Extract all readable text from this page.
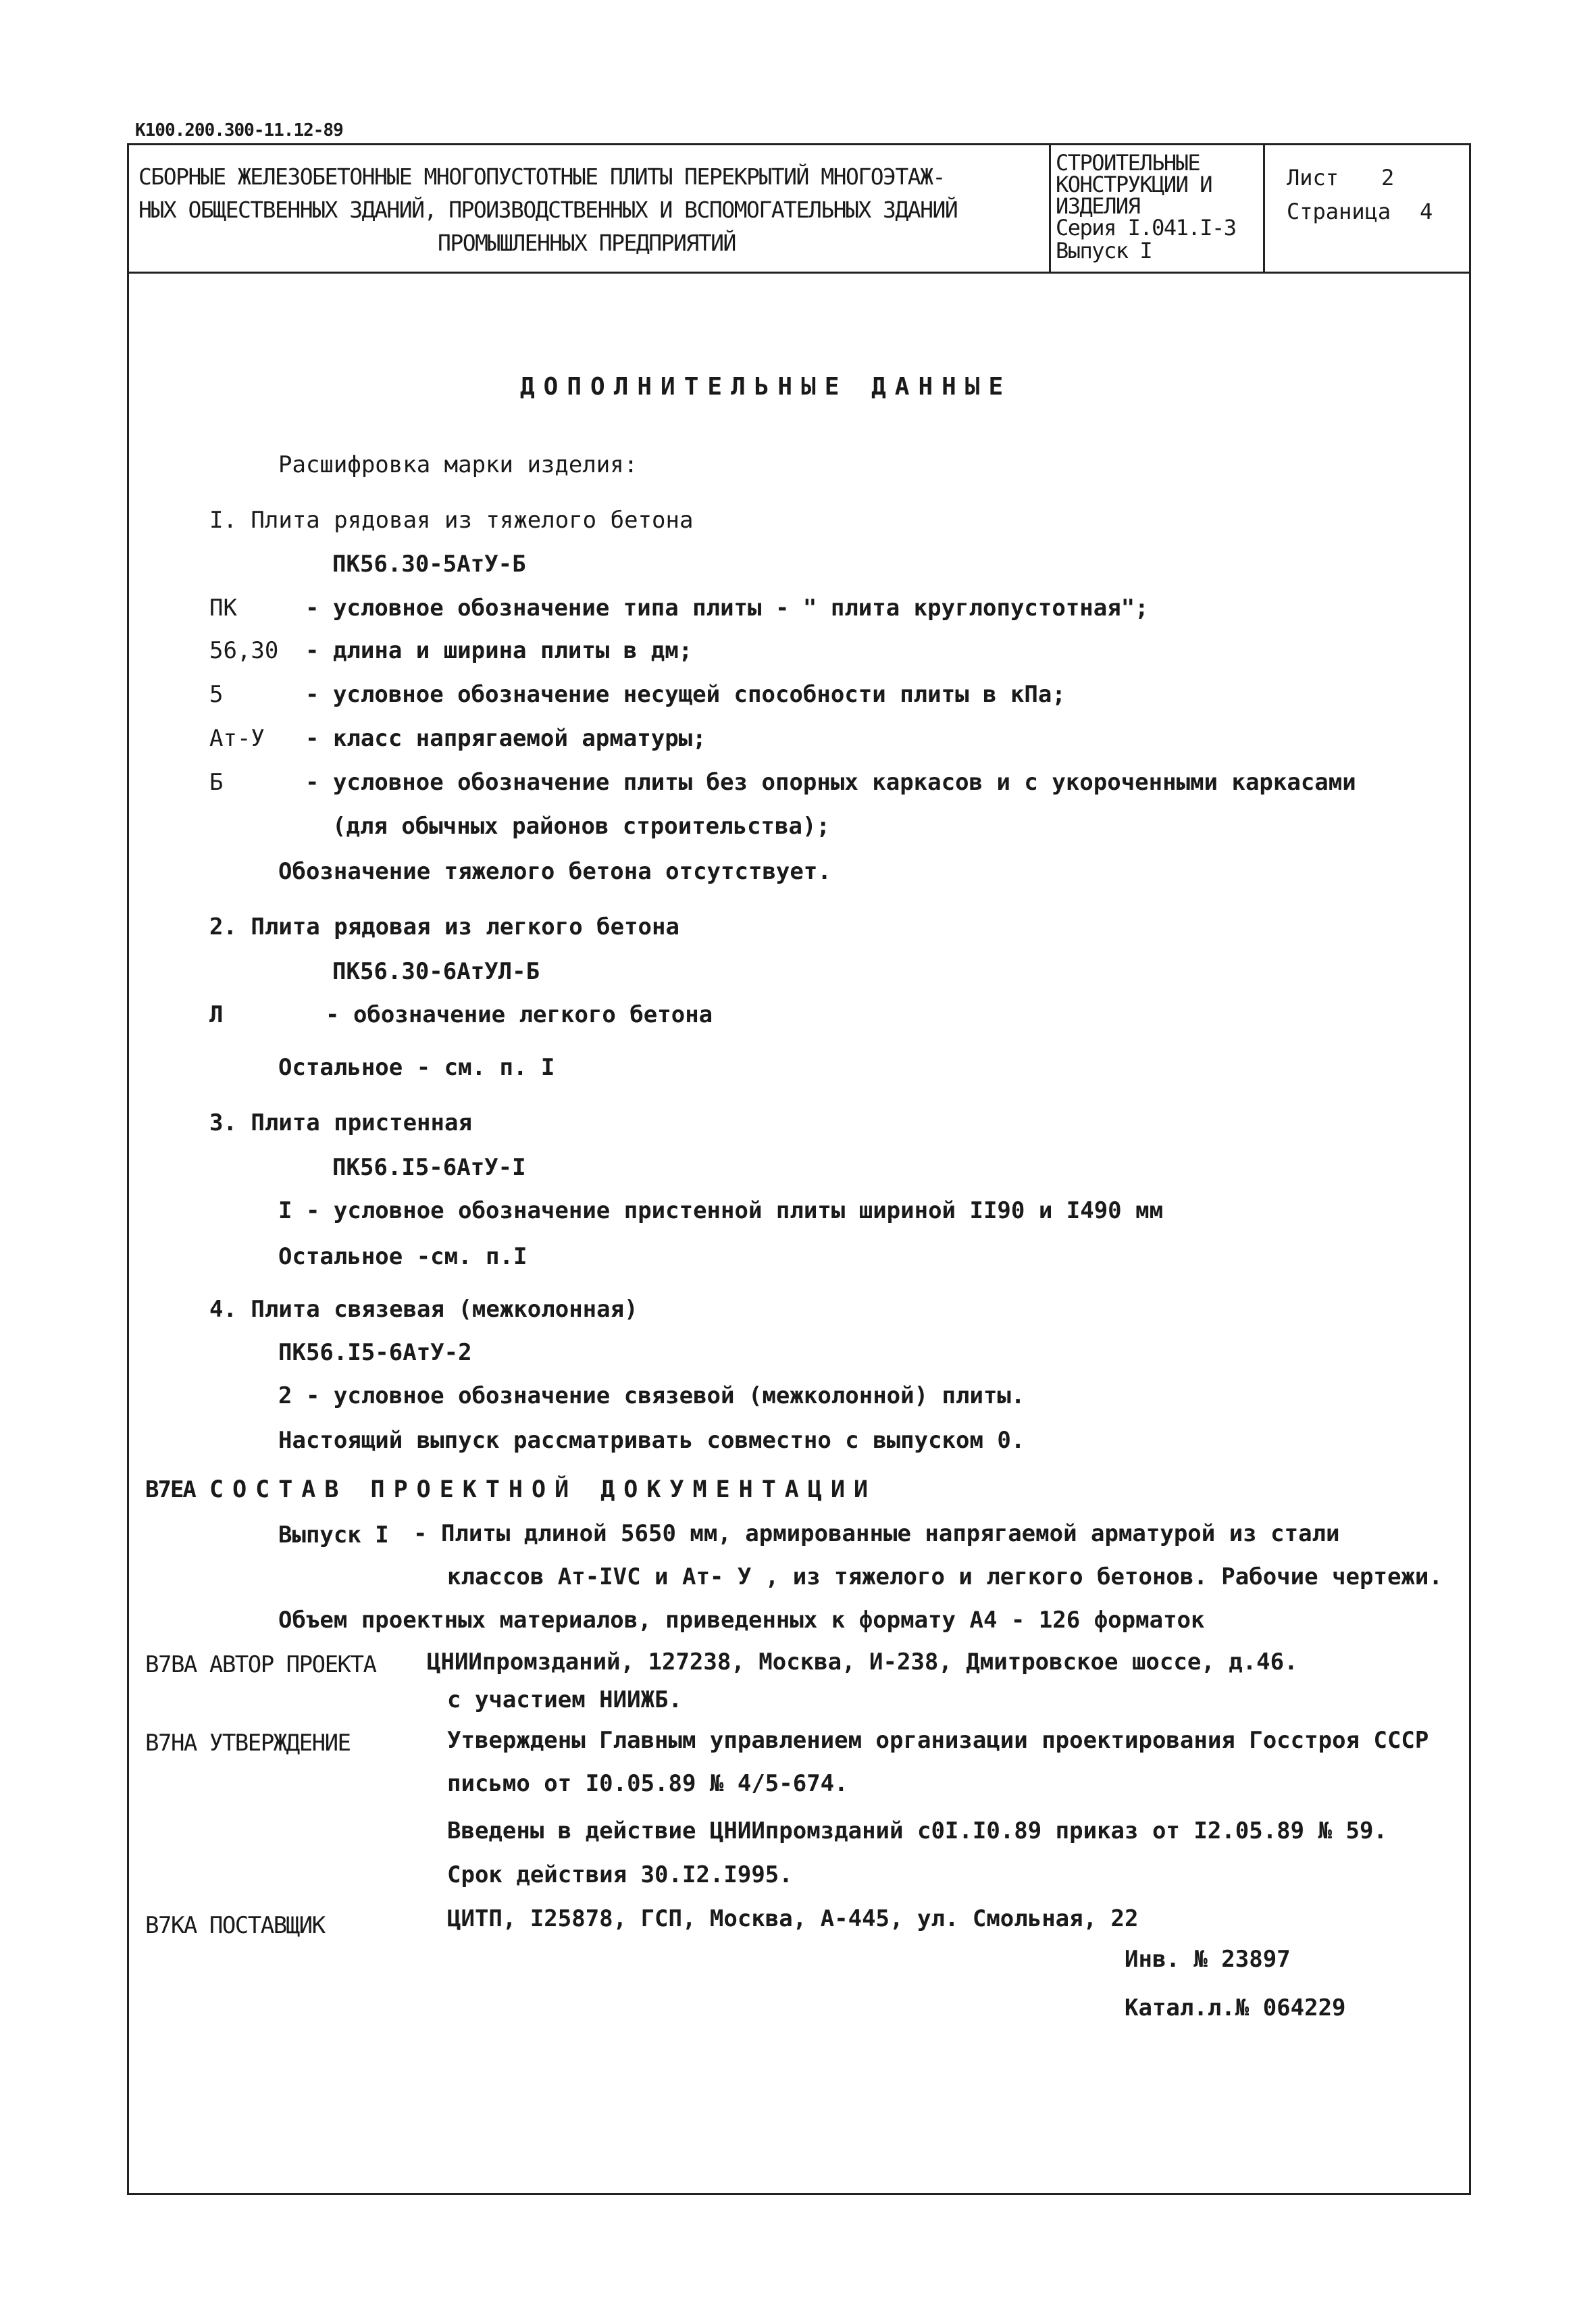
K100.200.300-11.12-89
СБОРНЫЕ ЖЕЛЕЗОБЕТОННЫЕ МНОГОПУСТОТНЫЕ ПЛИТЫ ПЕРЕКРЫТИЙ МНОГОЭТАЖ-
НЫХ ОБЩЕСТВЕННЫХ ЗДАНИЙ, ПРОИЗВОДСТВЕННЫХ И ВСПОМОГАТЕЛЬНЫХ ЗДАНИЙ
ПРОМЫШЛЕННЫХ ПРЕДПРИЯТИЙ
СТРОИТЕЛЬНЫЕ
КОНСТРУКЦИИ И
ИЗДЕЛИЯ
Серия I.041.I-3
Выпуск I
Лист 2
Страница 4
ДОПОЛНИТЕЛЬНЫЕ ДАННЫЕ
Расшифровка марки изделия:
I. Плита рядовая из тяжелого бетона
ПК56.30-5АтУ-Б
ПК	- условное обозначение типа плиты - " плита круглопустотная";
56,30 - длина и ширина плиты в дм;
5	- условное обозначение несущей способности плиты в кПа;
Ат-У - класс напрягаемой арматуры;
Б	- условное обозначение плиты без опорных каркасов и с укороченными каркасами
(для обычных районов строительства);
Обозначение тяжелого бетона отсутствует.
2. Плита рядовая из легкого бетона
ПК56.30-6АтУЛ-Б
Л	- обозначение легкого бетона
Остальное - см. п. I
3. Плита пристенная
ПК56.I5-6АтУ-I
I - условное обозначение пристенной плиты шириной II90 и I490 мм
Остальное -см. п.I
4. Плита связевая (межколонная)
ПК56.I5-6АтУ-2
2 - условное обозначение связевой (межколонной) плиты.
Настоящий выпуск рассматривать совместно с выпуском 0.
В7ЕА СОСТАВ ПРОЕКТНОЙ ДОКУМЕНТАЦИИ
Выпуск I - Плиты длиной 5650 мм, армированные напрягаемой арматурой из стали
классов Ат-IVC и Ат- У , из тяжелого и легкого бетонов. Рабочие чертежи.
Объем проектных материалов, приведенных к формату А4 - 126 форматок
В7ВА АВТОР ПРОЕКТА ЦНИИпромзданий, 127238, Москва, И-238, Дмитровское шоссе, д.46.
с участием НИИЖБ.
В7НА УТВЕРЖДЕНИЕ	Утверждены Главным управлением организации проектирования Госстроя СССР
письмо от I0.05.89 № 4/5-674.
Введены в действие ЦНИИпромзданий с0I.I0.89 приказ от I2.05.89 № 59.
Срок действия 30.I2.I995.
В7КА ПОСТАВЩИК	ЦИТП, I25878, ГСП, Москва, А-445, ул. Смольная, 22
Инв. № 23897
Катал.л.№ 064229
